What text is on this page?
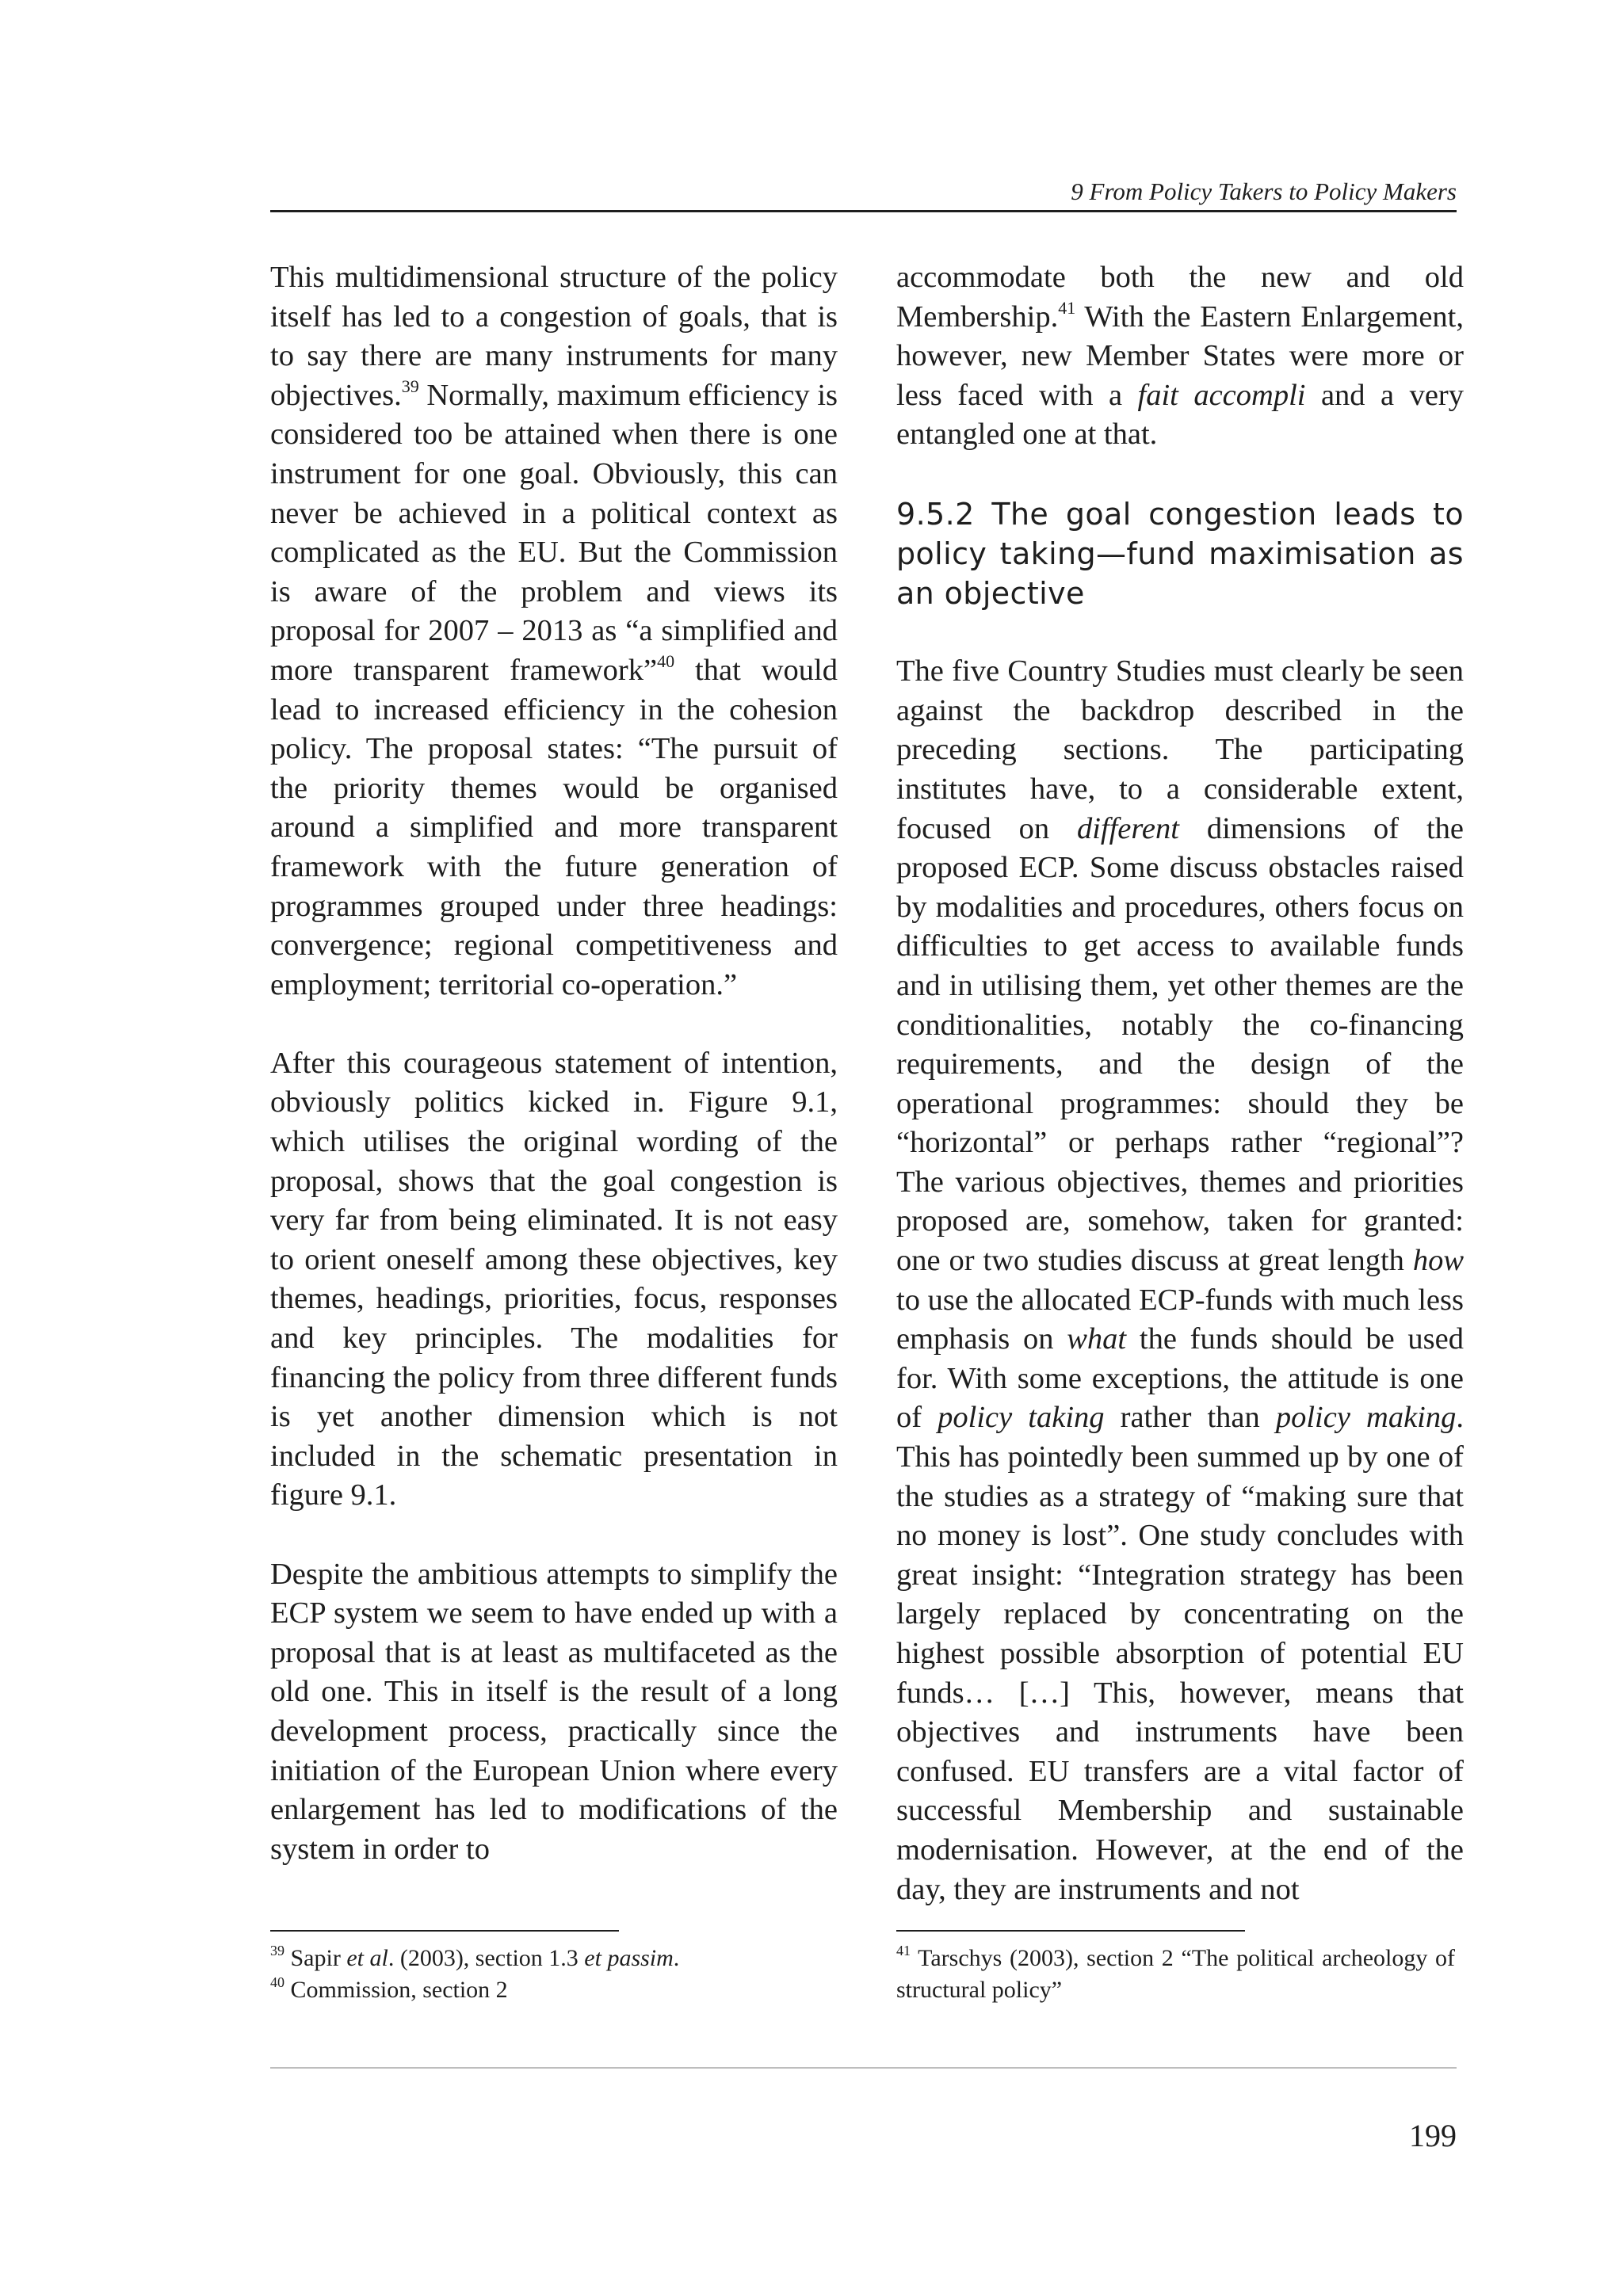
9 From Policy Takers to Policy Makers

This multidimensional structure of the policy itself has led to a congestion of goals, that is to say there are many instruments for many objectives.$^{39}$ Normally, maximum efficiency is considered too be attained when there is one instrument for one goal. Obviously, this can never be achieved in a political context as complicated as the EU. But the Commission is aware of the problem and views its proposal for 2007 – 2013 as “a simplified and more transparent framework”$^{40}$ that would lead to increased efficiency in the cohesion policy. The proposal states: “The pursuit of the priority themes would be organised around a simplified and more transparent framework with the future generation of programmes grouped under three headings: convergence; regional competitiveness and employment; territorial co-operation.”

After this courageous statement of intention, obviously politics kicked in. Figure 9.1, which utilises the original wording of the proposal, shows that the goal congestion is very far from being eliminated. It is not easy to orient oneself among these objectives, key themes, headings, priorities, focus, responses and key principles. The modalities for financing the policy from three different funds is yet another dimension which is not included in the schematic presentation in figure 9.1.

Despite the ambitious attempts to simplify the ECP system we seem to have ended up with a proposal that is at least as multifaceted as the old one. This in itself is the result of a long development process, practically since the initiation of the European Union where every enlargement has led to modifications of the system in order to

accommodate both the new and old Membership.$^{41}$ With the Eastern Enlargement, however, new Member States were more or less faced with a fait accompli and a very entangled one at that.

9.5.2 The goal congestion leads to policy taking—fund maximisation as an objective

The five Country Studies must clearly be seen against the backdrop described in the preceding sections. The participating institutes have, to a considerable extent, focused on different dimensions of the proposed ECP. Some discuss obstacles raised by modalities and procedures, others focus on difficulties to get access to available funds and in utilising them, yet other themes are the conditionalities, notably the co-financing requirements, and the design of the operational programmes: should they be “horizontal” or perhaps rather “regional”? The various objectives, themes and priorities proposed are, somehow, taken for granted: one or two studies discuss at great length how to use the allocated ECP-funds with much less emphasis on what the funds should be used for. With some exceptions, the attitude is one of policy taking rather than policy making. This has pointedly been summed up by one of the studies as a strategy of “making sure that no money is lost”. One study concludes with great insight: “Integration strategy has been largely replaced by concentrating on the highest possible absorption of potential EU funds… […] This, however, means that objectives and instruments have been confused. EU transfers are a vital factor of successful Membership and sustainable modernisation. However, at the end of the day, they are instruments and not

$^{39}$ Sapir et al. (2003), section 1.3 et passim.
$^{40}$ Commission, section 2
$^{41}$ Tarschys (2003), section 2 “The political archeology of structural policy”
199
